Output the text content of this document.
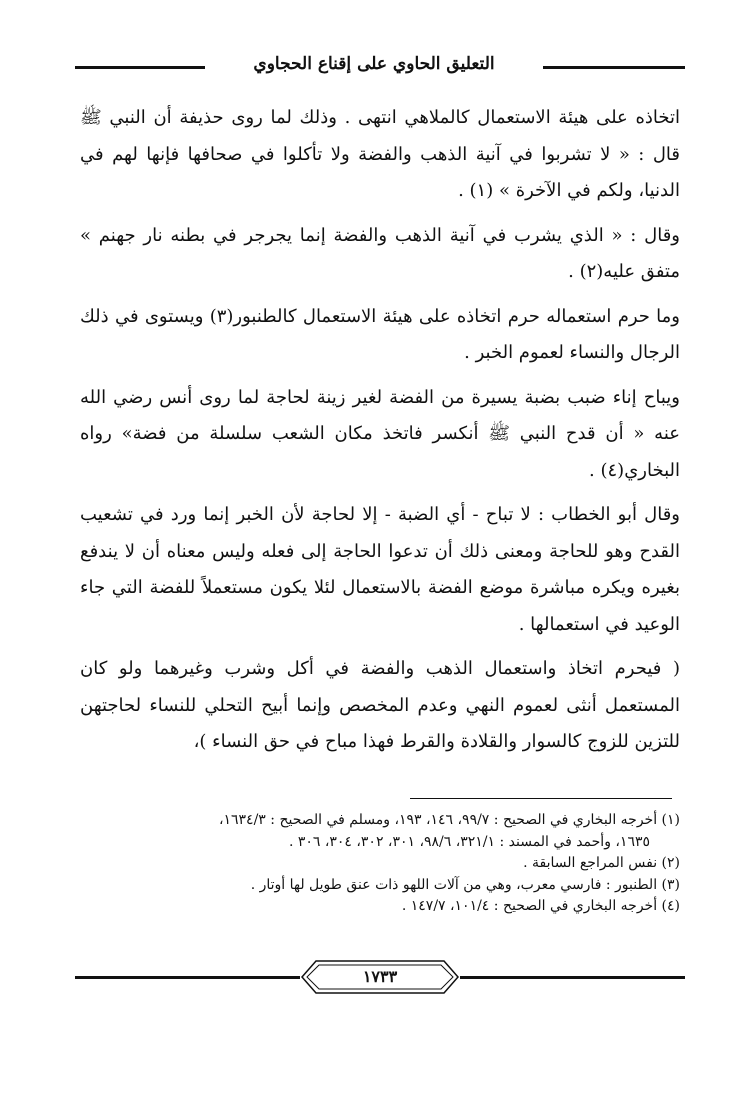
التعليق الحاوي على إقناع الحجاوي

اتخاذه على هيئة الاستعمال كالملاهي انتهى . وذلك لما روى حذيفة أن النبي ﷺ قال : « لا تشربوا في آنية الذهب والفضة ولا تأكلوا في صحافها فإنها لهم في الدنيا، ولكم في الآخرة » (١) .

وقال : « الذي يشرب في آنية الذهب والفضة إنما يجرجر في بطنه نار جهنم » متفق عليه(٢) .

وما حرم استعماله حرم اتخاذه على هيئة الاستعمال كالطنبور(٣) ويستوى في ذلك الرجال والنساء لعموم الخبر .

ويباح إناء ضبب بضبة يسيرة من الفضة لغير زينة لحاجة لما روى أنس رضي الله عنه « أن قدح النبي ﷺ أنكسر فاتخذ مكان الشعب سلسلة من فضة» رواه البخاري(٤) .

وقال أبو الخطاب : لا تباح - أي الضبة - إلا لحاجة لأن الخبر إنما ورد في تشعيب القدح وهو للحاجة ومعنى ذلك أن تدعوا الحاجة إلى فعله وليس معناه أن لا يندفع بغيره ويكره مباشرة موضع الفضة بالاستعمال لئلا يكون مستعملاً للفضة التي جاء الوعيد في استعمالها .

( فيحرم اتخاذ واستعمال الذهب والفضة في أكل وشرب وغيرهما ولو كان المستعمل أنثى لعموم النهي وعدم المخصص وإنما أبيح التحلي للنساء لحاجتهن للتزين للزوج كالسوار والقلادة والقرط فهذا مباح في حق النساء )،

(١) أخرجه البخاري في الصحيح : ٩٩/٧، ١٤٦، ١٩٣، ومسلم في الصحيح : ١٦٣٤/٣،

١٦٣٥، وأحمد في المسند : ٣٢١/١، ٩٨/٦، ٣٠١، ٣٠٢، ٣٠٤، ٣٠٦ .

(٢) نفس المراجع السابقة .

(٣) الطنبور : فارسي معرب، وهي من آلات اللهو ذات عنق طويل لها أوتار .

(٤) أخرجه البخاري في الصحيح : ١٠١/٤، ١٤٧/٧ .

١٧٣٣
